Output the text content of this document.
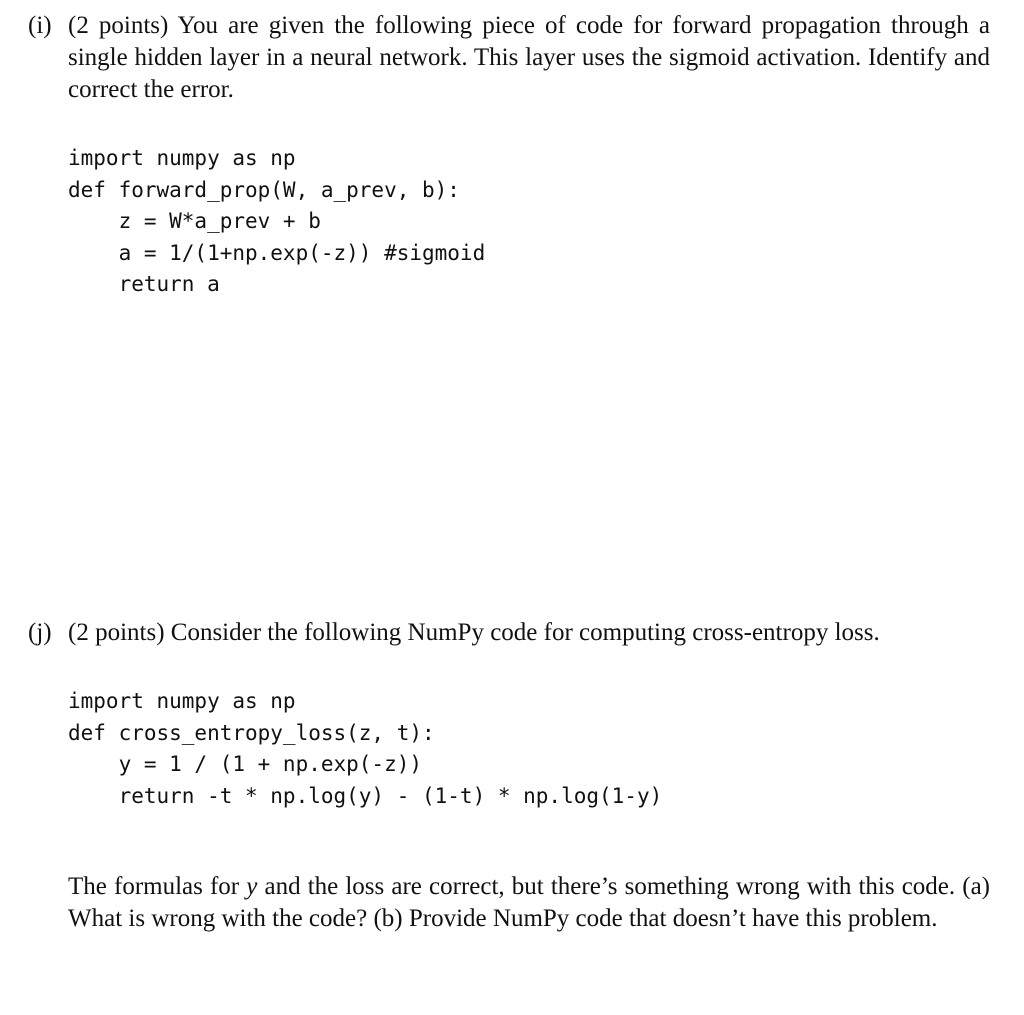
(i) (2 points) You are given the following piece of code for forward propagation through a single hidden layer in a neural network. This layer uses the sigmoid activation. Identify and correct the error.
import numpy as np
def forward_prop(W, a_prev, b):
z = W*a_prev + b
a = 1/(1+np.exp(-z)) #sigmoid
return a
(j) (2 points) Consider the following NumPy code for computing cross-entropy loss.
import numpy as np
def cross_entropy_loss(z, t):
y = 1 / (1 + np.exp(-z))
return -t * np.log(y) - (1-t) * np.log(1-y)

The formulas for y and the loss are correct, but there’s something wrong with this code. (a) What is wrong with the code? (b) Provide NumPy code that doesn’t have this problem.
